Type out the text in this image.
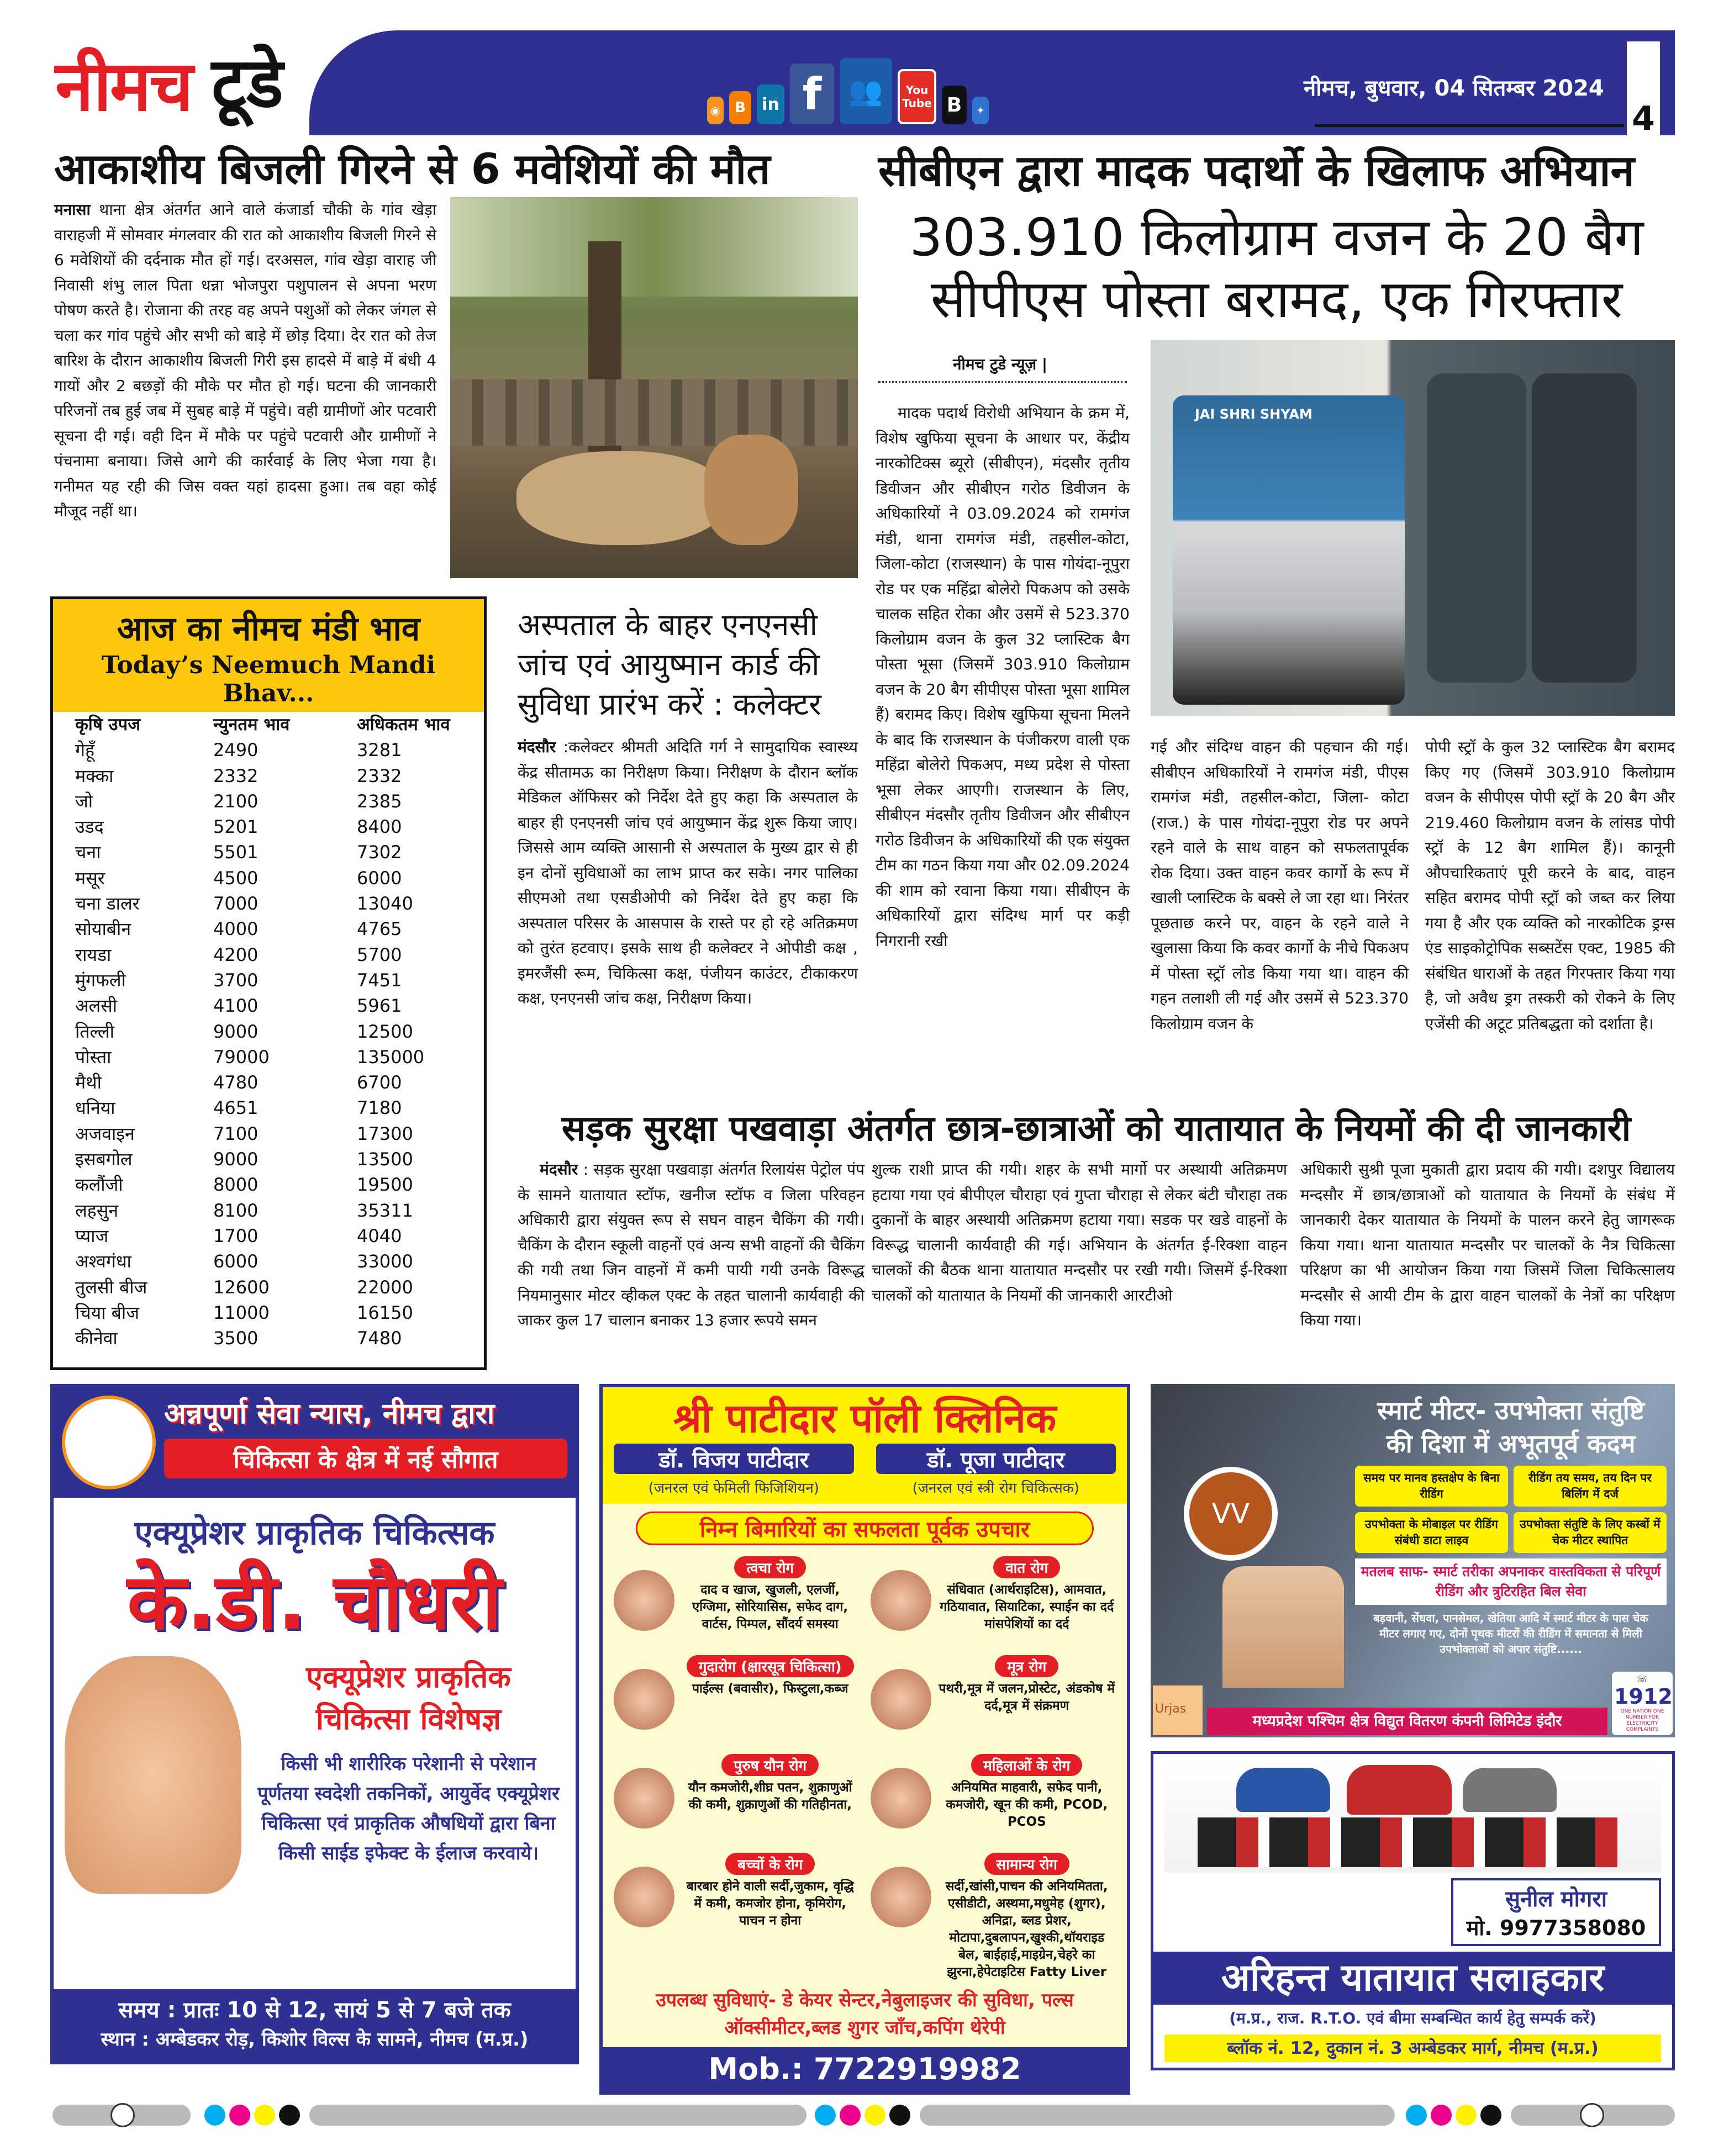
नीमच टूडे	◉	B in f 👥	You Tube B	✦
नीमच, बुधवार, 04 सितम्बर 2024
4
आकाशीय बिजली गिरने से 6 मवेशियों की मौत
मनासा थाना क्षेत्र अंतर्गत आने वाले कंजार्डा चौकी के गांव खेड़ा वाराहजी में सोमवार मंगलवार की रात को आकाशीय बिजली गिरने से 6 मवेशियों की दर्दनाक मौत हों गई। दरअसल, गांव खेड़ा वाराह जी निवासी शंभु लाल पिता धन्ना भोजपुरा पशुपालन से अपना भरण पोषण करते है। रोजाना की तरह वह अपने पशुओं को लेकर जंगल से चला कर गांव पहुंचे और सभी को बाड़े में छोड़ दिया। देर रात को तेज बारिश के दौरान आकाशीय बिजली गिरी इस हादसे में बाड़े में बंधी 4 गायों और 2 बछड़ों की मौके पर मौत हो गई। घटना की जानकारी परिजनों तब हुई जब में सुबह बाड़े में पहुंचे। वही ग्रामीणों ओर पटवारी सूचना दी गई। वही दिन में मौके पर पहुंचे पटवारी और ग्रामीणों ने पंचनामा बनाया। जिसे आगे की कार्रवाई के लिए भेजा गया है। गनीमत यह रही की जिस वक्त यहां हादसा हुआ। तब वहा कोई मौजूद नहीं था।
आज का नीमच मंडी भाव
Today’s Neemuch Mandi Bhav...
कृषि उपज	न्युनतम भाव	अधिकतम भाव
गेहूँ	2490	3281
मक्का	2332	2332
जो	2100	2385
उडद	5201	8400
चना	5501	7302
मसूर	4500	6000
चना डालर	7000	13040
सोयाबीन	4000	4765
रायडा	4200	5700
मुंगफली	3700	7451
अलसी	4100	5961
तिल्ली	9000	12500
पोस्ता	79000	135000
मैथी	4780	6700
धनिया	4651	7180
अजवाइन	7100	17300
इसबगोल	9000	13500
कलौंजी	8000	19500
लहसुन	8100	35311
प्याज	1700	4040
अश्वगंधा	6000	33000
तुलसी बीज	12600	22000
चिया बीज	11000	16150
कीनेवा	3500	7480
अस्पताल के बाहर एनएनसी जांच एवं आयुष्मान कार्ड की सुविधा प्रारंभ करें : कलेक्टर
मंदसौर :कलेक्टर श्रीमती अदिति गर्ग ने सामुदायिक स्वास्थ्य केंद्र सीतामऊ का निरीक्षण किया। निरीक्षण के दौरान ब्लॉक मेडिकल ऑफिसर को निर्देश देते हुए कहा कि अस्पताल के बाहर ही एनएनसी जांच एवं आयुष्मान केंद्र शुरू किया जाए। जिससे आम व्यक्ति आसानी से अस्पताल के मुख्य द्वार से ही इन दोनों सुविधाओं का लाभ प्राप्त कर सके। नगर पालिका सीएमओ तथा एसडीओपी को निर्देश देते हुए कहा कि अस्पताल परिसर के आसपास के रास्ते पर हो रहे अतिक्रमण को तुरंत हटवाए। इसके साथ ही कलेक्टर ने ओपीडी कक्ष , इमरजैंसी रूम, चिकित्सा कक्ष, पंजीयन काउंटर, टीकाकरण कक्ष, एनएनसी जांच कक्ष, निरीक्षण किया।
सीबीएन द्वारा मादक पदार्थो के खिलाफ अभियान
303.910 किलोग्राम वजन के 20 बैग
सीपीएस पोस्ता बरामद, एक गिरफ्तार
नीमच टुडे न्यूज़ |
मादक पदार्थ विरोधी अभियान के क्रम में, विशेष खुफिया सूचना के आधार पर, केंद्रीय नारकोटिक्स ब्यूरो (सीबीएन), मंदसौर तृतीय डिवीजन और सीबीएन गरोठ डिवीजन के अधिकारियों ने 03.09.2024 को रामगंज मंडी, थाना रामगंज मंडी, तहसील-कोटा, जिला-कोटा (राजस्थान) के पास गोयंदा-नूपुरा रोड पर एक महिंद्रा बोलेरो पिकअप को उसके चालक सहित रोका और उसमें से 523.370 किलोग्राम वजन के कुल 32 प्लास्टिक बैग पोस्ता भूसा (जिसमें 303.910 किलोग्राम वजन के 20 बैग सीपीएस पोस्ता भूसा शामिल हैं) बरामद किए। विशेष खुफिया सूचना मिलने के बाद कि राजस्थान के पंजीकरण वाली एक महिंद्रा बोलेरो पिकअप, मध्य प्रदेश से पोस्ता भूसा लेकर आएगी। राजस्थान के लिए, सीबीएन मंदसौर तृतीय डिवीजन और सीबीएन गरोठ डिवीजन के अधिकारियों की एक संयुक्त टीम का गठन किया गया और 02.09.2024 की शाम को रवाना किया गया। सीबीएन के अधिकारियों द्वारा संदिग्ध मार्ग पर कड़ी निगरानी रखी
JAI SHRI SHYAM
गई और संदिग्ध वाहन की पहचान की गई। सीबीएन अधिकारियों ने रामगंज मंडी, पीएस रामगंज मंडी, तहसील-कोटा, जिला- कोटा (राज.) के पास गोयंदा-नूपुरा रोड पर अपने रहने वाले के साथ वाहन को सफलतापूर्वक रोक दिया। उक्त वाहन कवर कार्गो के रूप में खाली प्लास्टिक के बक्से ले जा रहा था। निरंतर पूछताछ करने पर, वाहन के रहने वाले ने खुलासा किया कि कवर कार्गो के नीचे पिकअप में पोस्ता स्ट्रॉ लोड किया गया था। वाहन की गहन तलाशी ली गई और उसमें से 523.370 किलोग्राम वजन के
पोपी स्ट्रॉ के कुल 32 प्लास्टिक बैग बरामद किए गए (जिसमें 303.910 किलोग्राम वजन के सीपीएस पोपी स्ट्रॉ के 20 बैग और 219.460 किलोग्राम वजन के लांसड पोपी स्ट्रॉ के 12 बैग शामिल हैं)। कानूनी औपचारिकताएं पूरी करने के बाद, वाहन सहित बरामद पोपी स्ट्रॉ को जब्त कर लिया गया है और एक व्यक्ति को नारकोटिक ड्रग्स एंड साइकोट्रोपिक सब्सटेंस एक्ट, 1985 की संबंधित धाराओं के तहत गिरफ्तार किया गया है, जो अवैध ड्रग तस्करी को रोकने के लिए एजेंसी की अटूट प्रतिबद्धता को दर्शाता है।
सड़क सुरक्षा पखवाड़ा अंतर्गत छात्र-छात्राओं को यातायात के नियमों की दी जानकारी
मंदसौर : सड़क सुरक्षा पखवाड़ा अंतर्गत रिलायंस पेट्रोल पंप के सामने यातायात स्टॉफ, खनीज स्टॉफ व जिला परिवहन अधिकारी द्वारा संयुक्त रूप से सघन वाहन चैकिंग की गयी। चैकिंग के दौरान स्कूली वाहनों एवं अन्य सभी वाहनों की चैकिंग की गयी तथा जिन वाहनों में कमी पायी गयी उनके विरूद्ध नियमानुसार मोटर व्हीकल एक्ट के तहत चालानी कार्यवाही की जाकर कुल 17 चालान बनाकर 13 हजार रूपये समन
शुल्क राशी प्राप्त की गयी। शहर के सभी मार्गो पर अस्थायी अतिक्रमण हटाया गया एवं बीपीएल चौराहा एवं गुप्ता चौराहा से लेकर बंटी चौराहा तक दुकानों के बाहर अस्थायी अतिक्रमण हटाया गया। सडक पर खडे वाहनों के विरूद्ध चालानी कार्यवाही की गई। अभियान के अंतर्गत ई-रिक्शा वाहन चालकों की बैठक थाना यातायात मन्दसौर पर रखी गयी। जिसमें ई-रिक्शा चालकों को यातायात के नियमों की जानकारी आरटीओ
अधिकारी सुश्री पूजा मुकाती द्वारा प्रदाय की गयी। दशपुर विद्यालय मन्दसौर में छात्र/छात्राओं को यातायात के नियमों के संबंध में जानकारी देकर यातायात के नियमों के पालन करने हेतु जागरूक किया गया। थाना यातायात मन्दसौर पर चालकों के नैत्र चिकित्सा परिक्षण का भी आयोजन किया गया जिसमें जिला चिकित्सालय मन्दसौर से आयी टीम के द्वारा वाहन चालकों के नेत्रों का परिक्षण किया गया।
अन्नपूर्णा सेवा न्यास, नीमच द्वारा
चिकित्सा के क्षेत्र में नई सौगात
एक्यूप्रेशर प्राकृतिक चिकित्सक
के.डी. चौधरी
एक्यूप्रेशर प्राकृतिक
चिकित्सा विशेषज्ञ
किसी भी शारीरिक परेशानी से परेशान पूर्णतया स्वदेशी तकनिकों, आयुर्वेद एक्यूप्रेशर चिकित्सा एवं प्राकृतिक औषधियों द्वारा बिना किसी साईड इफेक्ट के ईलाज करवाये।
समय : प्रातः 10 से 12, सायं 5 से 7 बजे तक
स्थान : अम्बेडकर रोड़, किशोर विल्स के सामने, नीमच (म.प्र.)
श्री पाटीदार पॉली क्लिनिक
डॉ. विजय पाटीदार	डॉ. पूजा पाटीदार
(जनरल एवं फेमिली फिजिशियन)	(जनरल एवं स्त्री रोग चिकित्सक)
निम्न बिमारियों का सफलता पूर्वक उपचार
त्वचा रोग
दाद व खाज, खुजली, एलर्जी, एग्जिमा, सोरियासिस, सफेद दाग, वार्टस, पिम्पल, सौंदर्य समस्या
वात रोग
संधिवात (आर्थराइटिस), आमवात, गठियावात, सियाटिका, स्पाईन का दर्द मांसपेशियों का दर्द
गुदारोग (क्षारसूत्र चिकित्सा)
पाईल्स (बवासीर), फिस्टुला,कब्ज
मूत्र रोग
पथरी,मूत्र में जलन,प्रोस्टेट, अंडकोष में दर्द,मूत्र में संक्रमण
पुरुष यौन रोग
यौन कमजोरी,शीघ्र पतन, शुक्राणुओं की कमी, शुक्राणुओं की गतिहीनता,
महिलाओं के रोग
अनियमित माहवारी, सफेद पानी, कमजोरी, खून की कमी, PCOD, PCOS
बच्चों के रोग
बारबार होने वाली सर्दी,जुकाम, वृद्धि में कमी, कमजोर होना, कृमिरोग, पाचन न होना
सामान्य रोग
सर्दी,खांसी,पाचन की अनियमितता, एसीडीटी, अस्थमा,मधुमेह (शुगर), अनिद्रा, ब्लड प्रेशर, मोटापा,दुबलापन,खुश्की,थॉयराइड बेल, बाईहाई,माइग्रेन,चेहरे का झुरना,हेपेटाइटिस Fatty Liver
उपलब्ध सुविधाएं- डे केयर सेन्टर,नेबुलाइजर की सुविधा, पल्स ऑक्सीमीटर,ब्लड शुगर जाँच,कपिंग थेरेपी
Mob.: 7722919982
VV
स्मार्ट मीटर- उपभोक्ता संतुष्टि
की दिशा में अभूतपूर्व कदम
समय पर मानव हस्तक्षेप के बिना रीडिंग
रीडिंग तय समय, तय दिन पर बिलिंग में दर्ज
उपभोक्ता के मोबाइल पर रीडिंग संबंधी डाटा लाइव
उपभोक्ता संतुष्टि के लिए कस्बों में चेक मीटर स्थापित
मतलब साफ- स्मार्ट तरीका अपनाकर वास्तविकता से परिपूर्ण रीडिंग और त्रुटिरहित बिल सेवा
बड़वानी, सेंधवा, पानसेमल, खेतिया आदि में स्मार्ट मीटर के पास चेक मीटर लगाए गए, दोनों पृथक मीटरों की रीडिंग में समानता से मिली उपभोक्ताओं को अपार संतुष्टि......
Urjas
मध्यप्रदेश पश्चिम क्षेत्र विद्युत वितरण कंपनी लिमिटेड इंदौर
☏
1912
ONE NATION ONE NUMBER FOR ELECTRICITY COMPLAINTS
सुनील मोगरा
मो. 9977358080
अरिहन्त यातायात सलाहकार
(म.प्र., राज. R.T.O. एवं बीमा सम्बन्धित कार्य हेतु सम्पर्क करें)
ब्लॉक नं. 12, दुकान नं. 3 अम्बेडकर मार्ग, नीमच (म.प्र.)
